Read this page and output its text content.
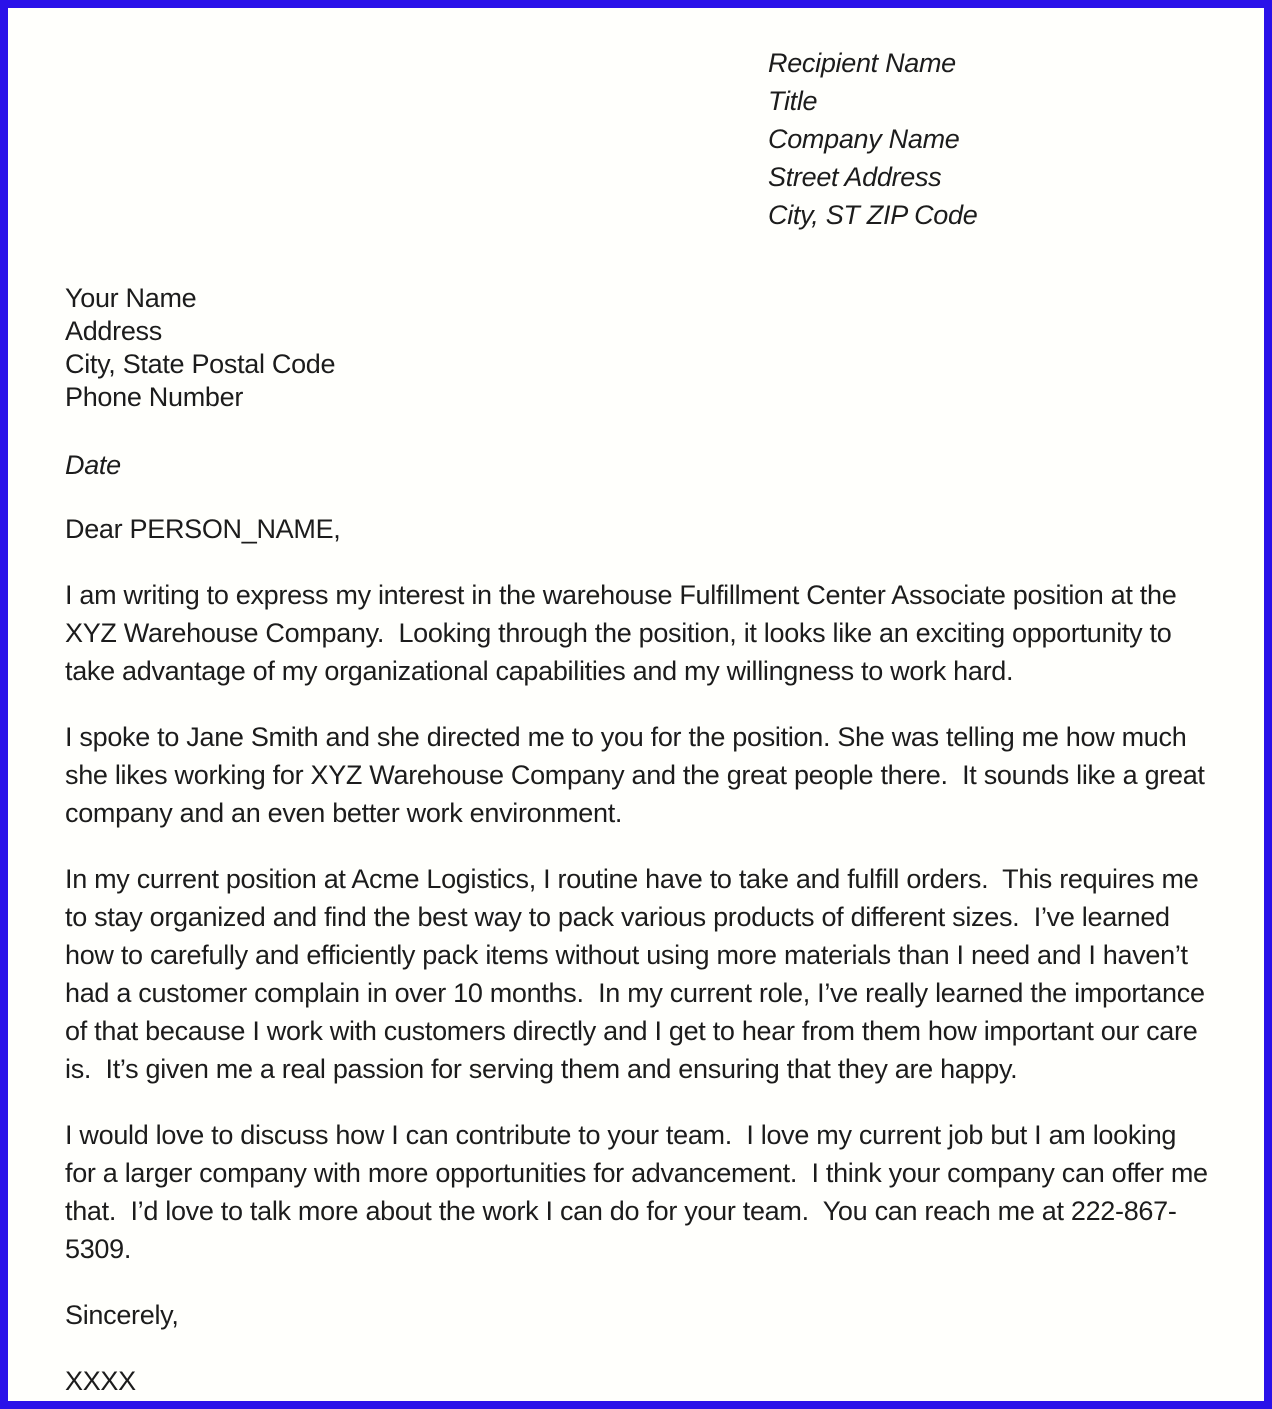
Recipient Name
Title
Company Name
Street Address
City, ST ZIP Code
Your Name
Address
City, State Postal Code
Phone Number
Date
Dear PERSON_NAME,

I am writing to express my interest in the warehouse Fulfillment Center Associate position at the XYZ Warehouse Company.  Looking through the position, it looks like an exciting opportunity to take advantage of my organizational capabilities and my willingness to work hard.

I spoke to Jane Smith and she directed me to you for the position. She was telling me how much she likes working for XYZ Warehouse Company and the great people there.  It sounds like a great company and an even better work environment.

In my current position at Acme Logistics, I routine have to take and fulfill orders.  This requires me to stay organized and find the best way to pack various products of different sizes.  I’ve learned how to carefully and efficiently pack items without using more materials than I need and I haven’t had a customer complain in over 10 months.  In my current role, I’ve really learned the importance of that because I work with customers directly and I get to hear from them how important our care is.  It’s given me a real passion for serving them and ensuring that they are happy.

I would love to discuss how I can contribute to your team.  I love my current job but I am looking for a larger company with more opportunities for advancement.  I think your company can offer me that.  I’d love to talk more about the work I can do for your team.  You can reach me at 222-867-5309.

Sincerely,
XXXX
